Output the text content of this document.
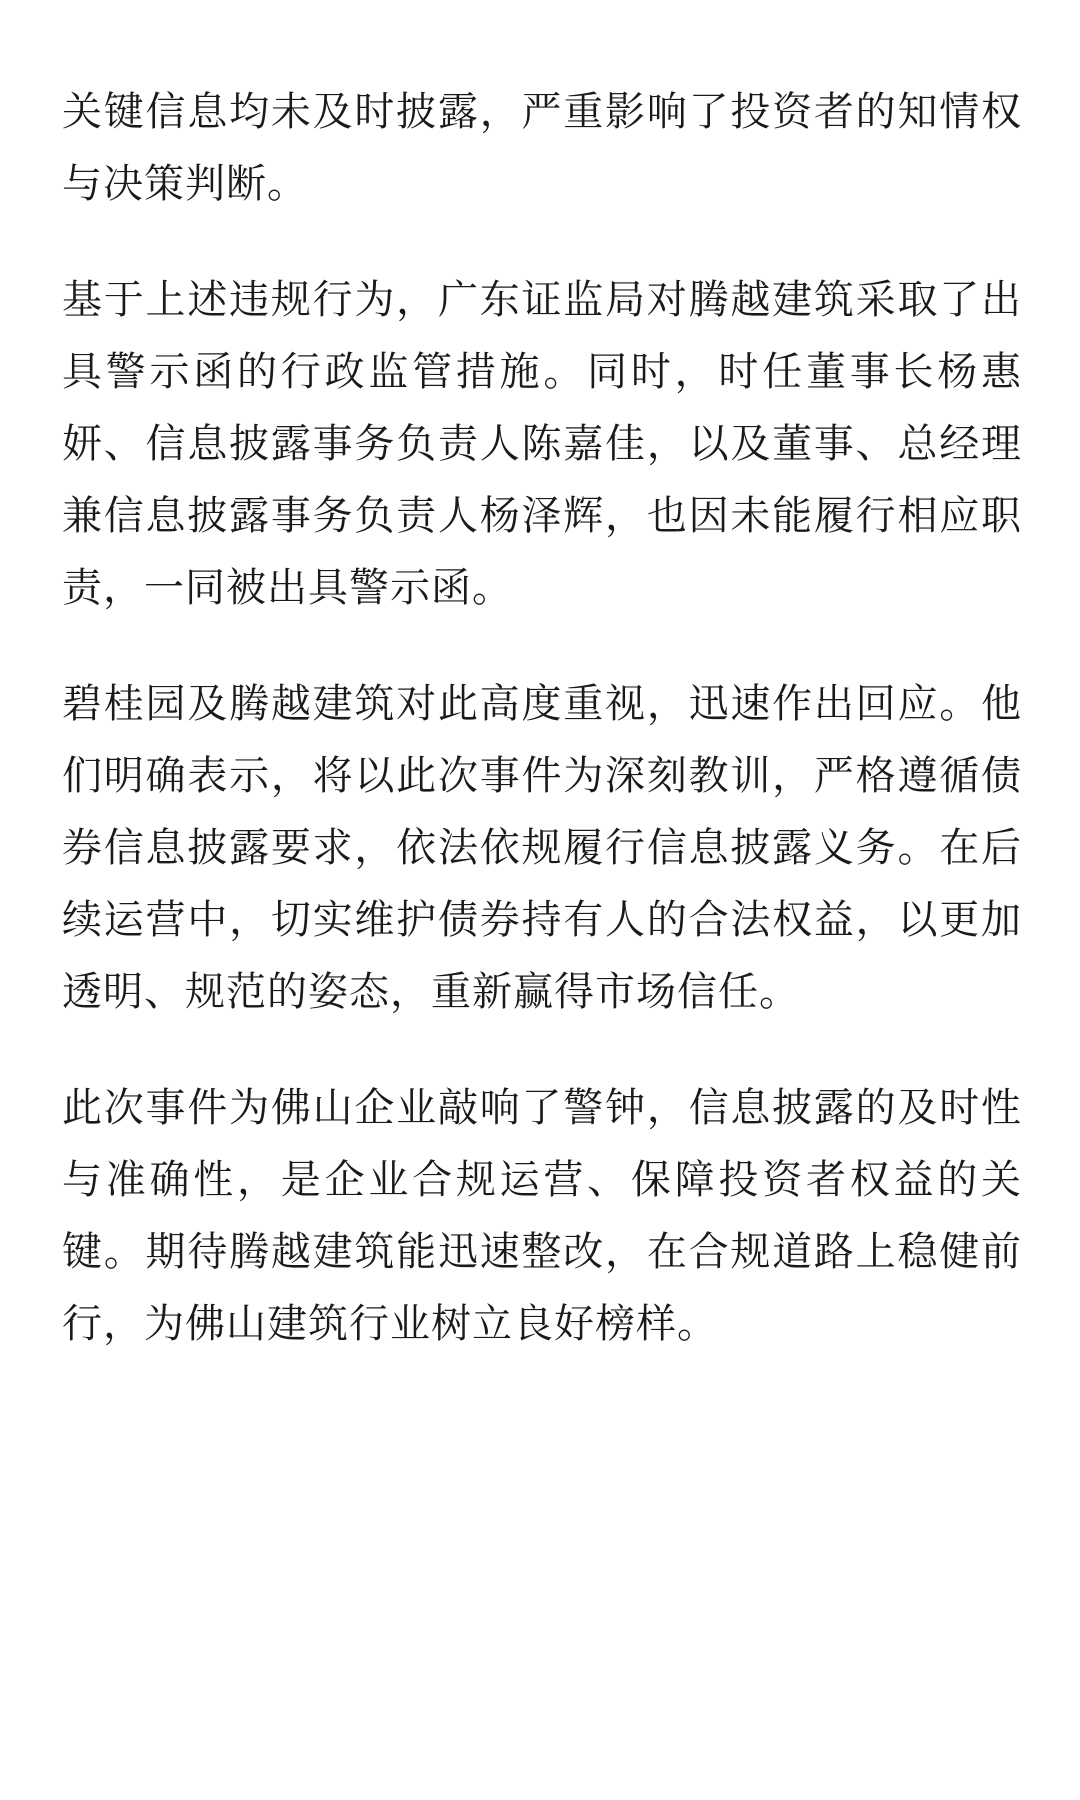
关键信息均未及时披露，严重影响了投资者的知情权与决策判断。

基于上述违规行为，广东证监局对腾越建筑采取了出具警示函的行政监管措施。同时，时任董事长杨惠妍、信息披露事务负责人陈嘉佳，以及董事、总经理兼信息披露事务负责人杨泽辉，也因未能履行相应职责，一同被出具警示函。

碧桂园及腾越建筑对此高度重视，迅速作出回应。他们明确表示，将以此次事件为深刻教训，严格遵循债券信息披露要求，依法依规履行信息披露义务。在后续运营中，切实维护债券持有人的合法权益，以更加透明、规范的姿态，重新赢得市场信任。

此次事件为佛山企业敲响了警钟，信息披露的及时性与准确性，是企业合规运营、保障投资者权益的关键。期待腾越建筑能迅速整改，在合规道路上稳健前行，为佛山建筑行业树立良好榜样。
